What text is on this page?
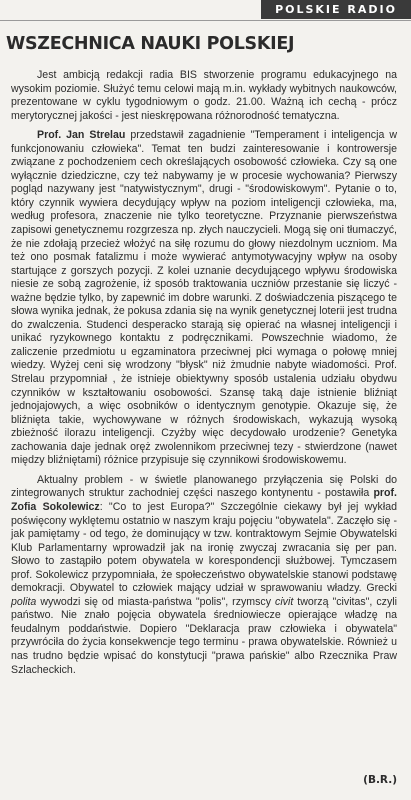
POLSKIE RADIO
WSZECHNICA NAUKI POLSKIEJ

Jest ambicją redakcji radia BIS stworzenie programu edukacyjnego na wysokim poziomie. Służyć temu celowi mają m.in. wykłady wybitnych naukowców, prezentowane w cyklu tygodniowym o godz. 21.00. Ważną ich cechą - prócz merytorycznej jakości - jest nieskrępowana różnorodność tematyczna.

Prof. Jan Strelau przedstawił zagadnienie "Temperament i inteligencja w funkcjonowaniu człowieka". Temat ten budzi zainteresowanie i kontrowersje związane z pochodzeniem cech określających osobowość człowieka. Czy są one wyłącznie dziedziczne, czy też nabywamy je w procesie wychowania? Pierwszy pogląd nazywany jest "natywistycznym", drugi - "środowiskowym". Pytanie o to, który czynnik wywiera decydujący wpływ na poziom inteligencji człowieka, ma, według profesora, znaczenie nie tylko teoretyczne. Przyznanie pierwszeństwa zapisowi genetycznemu rozgrzesza np. złych nauczycieli. Mogą się oni tłumaczyć, że nie zdołają przecież włożyć na siłę rozumu do głowy niezdolnym uczniom. Ma też ono posmak fatalizmu i może wywierać antymotywacyjny wpływ na osoby startujące z gorszych pozycji. Z kolei uznanie decydującego wpływu środowiska niesie ze sobą zagrożenie, iż sposób traktowania uczniów przestanie się liczyć - ważne będzie tylko, by zapewnić im dobre warunki. Z doświadczenia piszącego te słowa wynika jednak, że pokusa zdania się na wynik genetycznej loterii jest trudna do zwalczenia. Studenci desperacko starają się opierać na własnej inteligencji i unikać ryzykownego kontaktu z podręcznikami. Powszechnie wiadomo, że zaliczenie przedmiotu u egzaminatora przeciwnej płci wymaga o połowę mniej wiedzy. Wyżej ceni się wrodzony "błysk" niż żmudnie nabyte wiadomości. Prof. Strelau przypomniał , że istnieje obiektywny sposób ustalenia udziału obydwu czynników w kształtowaniu osobowości. Szansę taką daje istnienie bliźniąt jednojajowych, a więc osobników o identycznym genotypie. Okazuje się, że bliźnięta takie, wychowywane w różnych środowiskach, wykazują wysoką zbieżność ilorazu inteligencji. Czyżby więc decydowało urodzenie? Genetyka zachowania daje jednak oręż zwolennikom przeciwnej tezy - stwierdzone (nawet między bliźniętami) różnice przypisuje się czynnikowi środowiskowemu.

Aktualny problem - w świetle planowanego przyłączenia się Polski do zintegrowanych struktur zachodniej części naszego kontynentu - postawiła prof. Zofia Sokolewicz: "Co to jest Europa?" Szczególnie ciekawy był jej wykład poświęcony wyklętemu ostatnio w naszym kraju pojęciu "obywatela". Zaczęło się - jak pamiętamy - od tego, że dominujący w tzw. kontraktowym Sejmie Obywatelski Klub Parlamentarny wprowadził jak na ironię zwyczaj zwracania się per pan. Słowo to zastąpiło potem obywatela w korespondencji służbowej. Tymczasem prof. Sokolewicz przypomniała, że społeczeństwo obywatelskie stanowi podstawę demokracji. Obywatel to człowiek mający udział w sprawowaniu władzy. Grecki polita wywodzi się od miasta-państwa "polis", rzymscy civit tworzą "civitas", czyli państwo. Nie znało pojęcia obywatela średniowiecze opierające władzę na feudalnym poddaństwie. Dopiero "Deklaracja praw człowieka i obywatela" przywróciła do życia konsekwencje tego terminu - prawa obywatelskie. Również u nas trudno będzie wpisać do konstytucji "prawa pańskie" albo Rzecznika Praw Szlacheckich.

(B.R.)
